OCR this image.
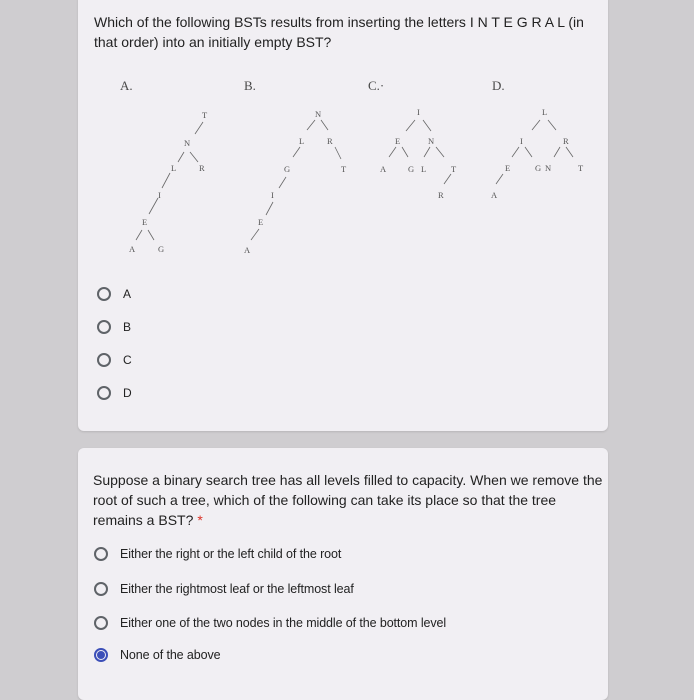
Which of the following BSTs results from inserting the letters I N T E G R A L (in that order) into an initially empty BST?
A.	B.	C.·	D.
T
N
L	R
I
E
A	G
N
L	R
G	T
I
E
A
I
E	N
A	G L	T
R
L
I	R
E	G N	T
A
A
B
C
D
Suppose a binary search tree has all levels filled to capacity. When we remove the root of such a tree, which of the following can take its place so that the tree remains a BST? *
Either the right or the left child of the root
Either the rightmost leaf or the leftmost leaf
Either one of the two nodes in the middle of the bottom level
None of the above
